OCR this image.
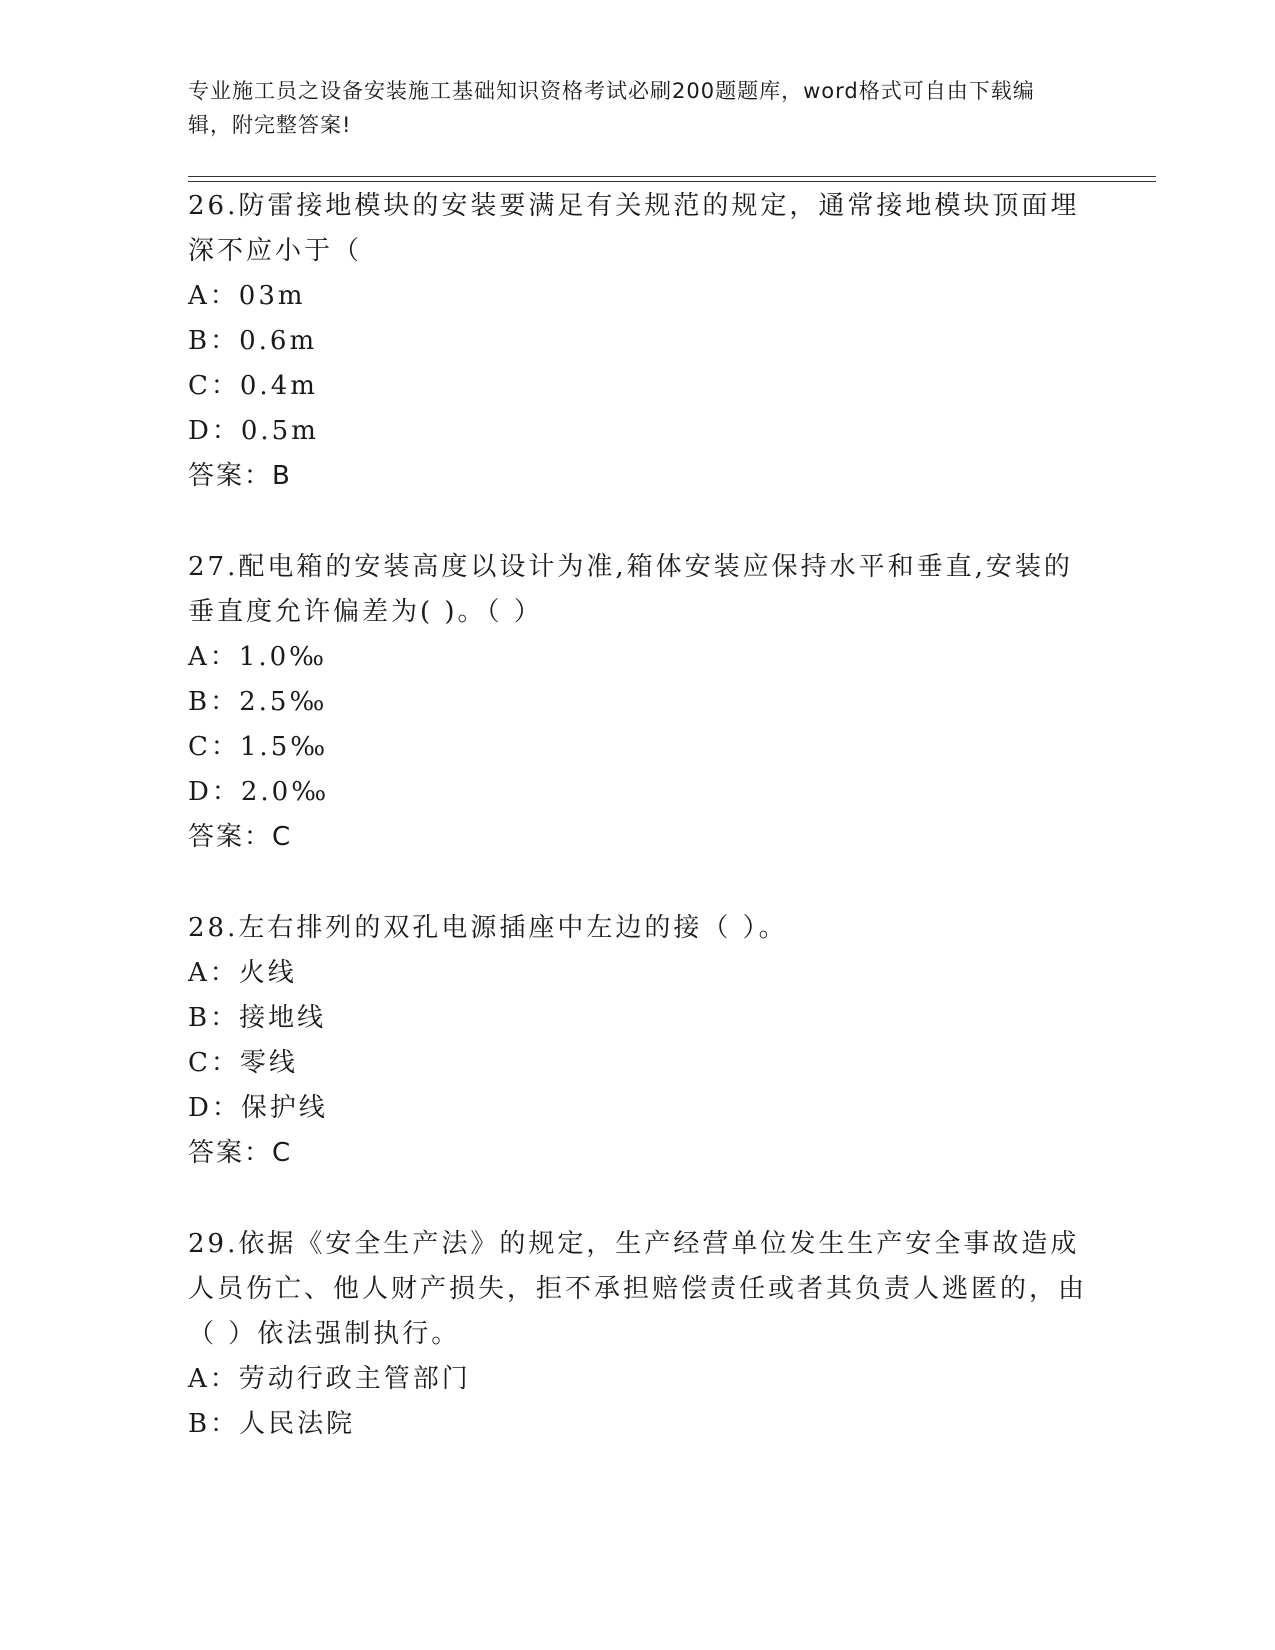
专业施工员之设备安装施工基础知识资格考试必刷200题题库，word格式可自由下载编辑，附完整答案!
26.防雷接地模块的安装要满足有关规范的规定，通常接地模块顶面埋深不应小于（
A：03m
B：0.6m
C：0.4m
D：0.5m
答案：B
27.配电箱的安装高度以设计为准,箱体安装应保持水平和垂直,安装的垂直度允许偏差为( )。（ ）
A：1.0‰
B：2.5‰
C：1.5‰
D：2.0‰
答案：C
28.左右排列的双孔电源插座中左边的接（ ）。
A：火线
B：接地线
C：零线
D：保护线
答案：C
29.依据《安全生产法》的规定，生产经营单位发生生产安全事故造成人员伤亡、他人财产损失，拒不承担赔偿责任或者其负责人逃匿的，由（ ）依法强制执行。
A：劳动行政主管部门
B：人民法院
